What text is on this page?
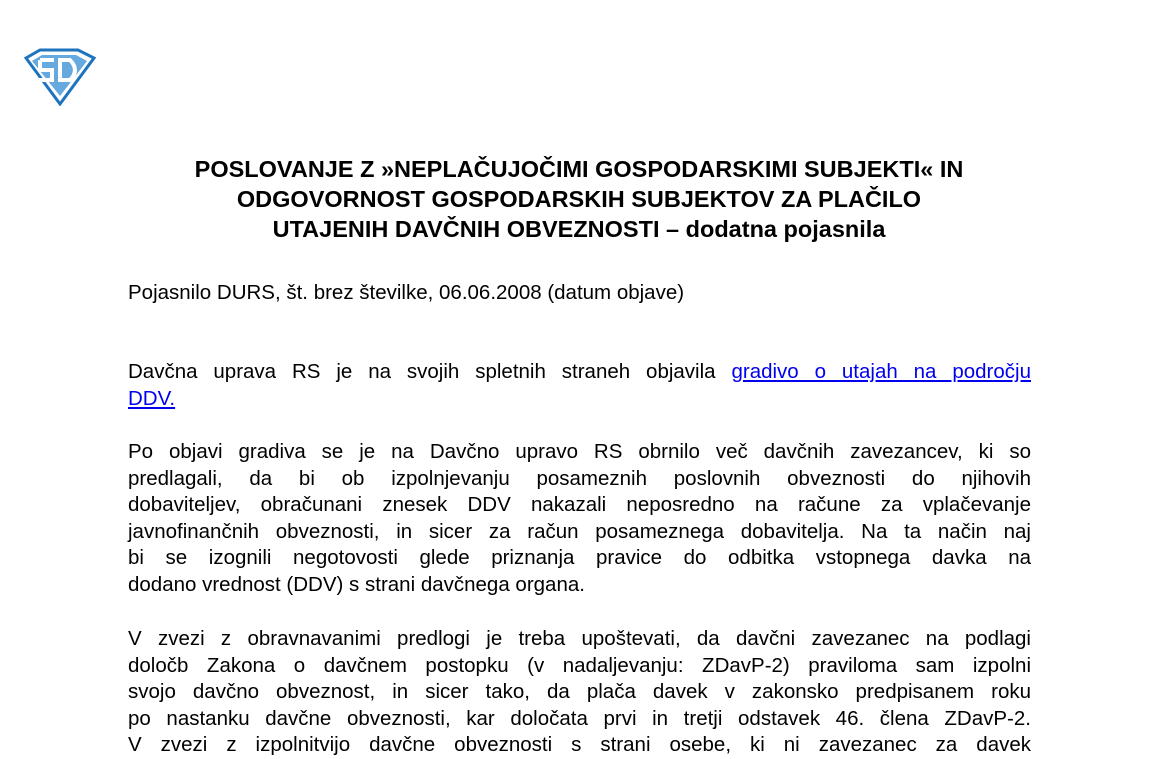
SD
POSLOVANJE Z »NEPLAČUJOČIMI GOSPODARSKIMI SUBJEKTI« IN
ODGOVORNOST GOSPODARSKIH SUBJEKTOV ZA PLAČILO
UTAJENIH DAVČNIH OBVEZNOSTI – dodatna pojasnila
Pojasnilo DURS, št. brez številke, 06.06.2008 (datum objave)
Davčna uprava RS je na svojih spletnih straneh objavila gradivo o utajah na področju
DDV.
Po objavi gradiva se je na Davčno upravo RS obrnilo več davčnih zavezancev, ki so
predlagali, da bi ob izpolnjevanju posameznih poslovnih obveznosti do njihovih
dobaviteljev, obračunani znesek DDV nakazali neposredno na račune za vplačevanje
javnofinančnih obveznosti, in sicer za račun posameznega dobavitelja. Na ta način naj
bi se izognili negotovosti glede priznanja pravice do odbitka vstopnega davka na
dodano vrednost (DDV) s strani davčnega organa.
V zvezi z obravnavanimi predlogi je treba upoštevati, da davčni zavezanec na podlagi
določb Zakona o davčnem postopku (v nadaljevanju: ZDavP-2) praviloma sam izpolni
svojo davčno obveznost, in sicer tako, da plača davek v zakonsko predpisanem roku
po nastanku davčne obveznosti, kar določata prvi in tretji odstavek 46. člena ZDavP-2.
V zvezi z izpolnitvijo davčne obveznosti s strani osebe, ki ni zavezanec za davek
